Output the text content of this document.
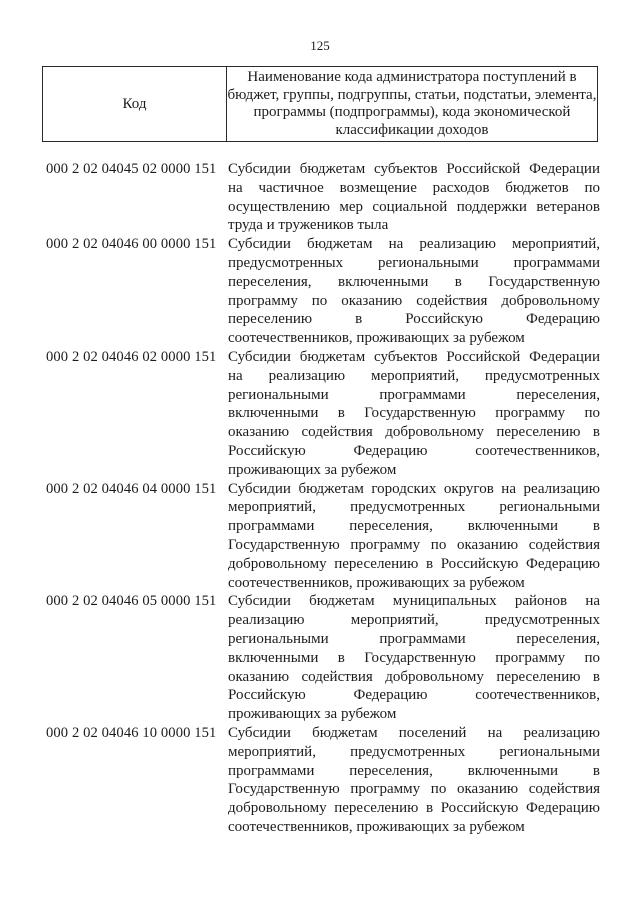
125
Код	Наименование кода администратора поступлений в бюджет, группы, подгруппы, статьи, подстатьи, элемента, программы (подпрограммы), кода экономической классификации доходов
000 2 02 04045 02 0000 151 Субсидии бюджетам субъектов Российской Федерации
на частичное возмещение расходов бюджетов по
осуществлению мер социальной поддержки ветеранов
труда и тружеников тыла
000 2 02 04046 00 0000 151 Субсидии бюджетам на реализацию мероприятий,
предусмотренных региональными программами
переселения, включенными в Государственную
программу по оказанию содействия добровольному
переселению в Российскую Федерацию
соотечественников, проживающих за рубежом
000 2 02 04046 02 0000 151 Субсидии бюджетам субъектов Российской Федерации
на реализацию мероприятий, предусмотренных
региональными программами переселения,
включенными в Государственную программу по
оказанию содействия добровольному переселению в
Российскую Федерацию соотечественников,
проживающих за рубежом
000 2 02 04046 04 0000 151 Субсидии бюджетам городских округов на реализацию
мероприятий, предусмотренных региональными
программами переселения, включенными в
Государственную программу по оказанию содействия
добровольному переселению в Российскую Федерацию
соотечественников, проживающих за рубежом
000 2 02 04046 05 0000 151 Субсидии бюджетам муниципальных районов на
реализацию мероприятий, предусмотренных
региональными программами переселения,
включенными в Государственную программу по
оказанию содействия добровольному переселению в
Российскую Федерацию соотечественников,
проживающих за рубежом
000 2 02 04046 10 0000 151 Субсидии бюджетам поселений на реализацию
мероприятий, предусмотренных региональными
программами переселения, включенными в
Государственную программу по оказанию содействия
добровольному переселению в Российскую Федерацию
соотечественников, проживающих за рубежом
